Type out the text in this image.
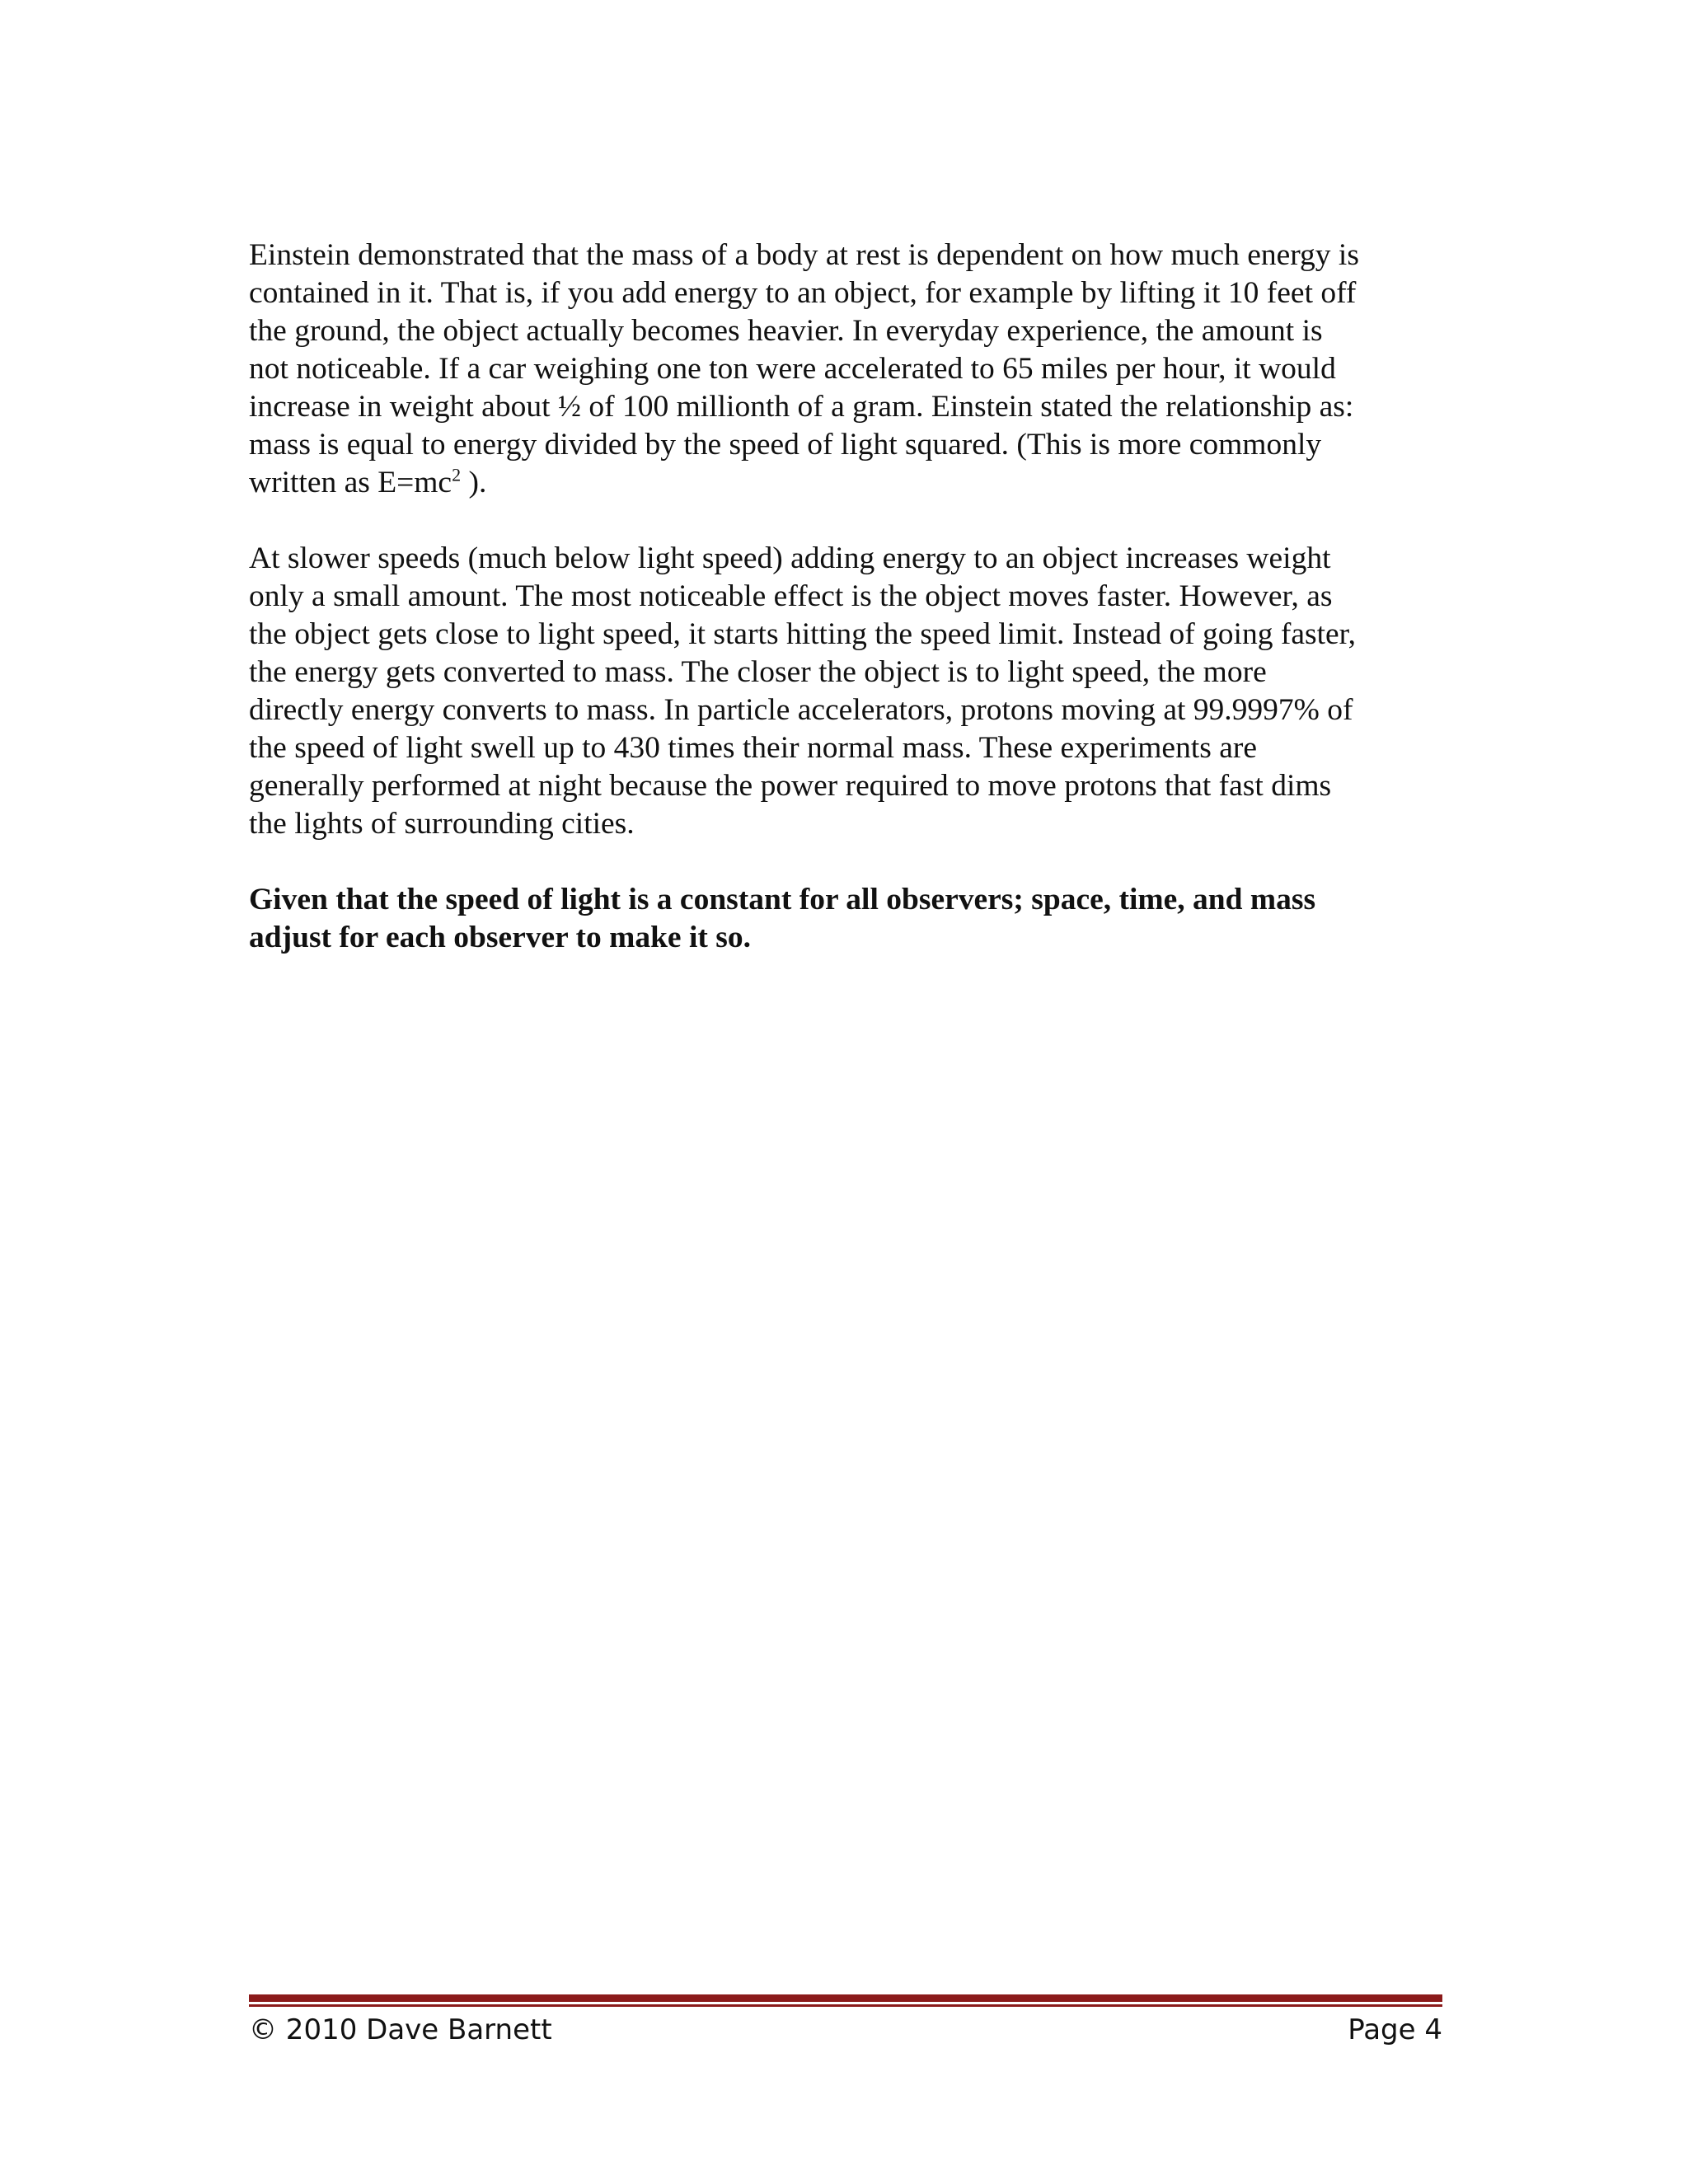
Einstein demonstrated that the mass of a body at rest is dependent on how much energy is
contained in it. That is, if you add energy to an object, for example by lifting it 10 feet off
the ground, the object actually becomes heavier. In everyday experience, the amount is
not noticeable. If a car weighing one ton were accelerated to 65 miles per hour, it would
increase in weight about ½ of 100 millionth of a gram. Einstein stated the relationship as:
mass is equal to energy divided by the speed of light squared. (This is more commonly
written as $E=mc^2$ ).

At slower speeds (much below light speed) adding energy to an object increases weight
only a small amount. The most noticeable effect is the object moves faster. However, as
the object gets close to light speed, it starts hitting the speed limit. Instead of going faster,
the energy gets converted to mass. The closer the object is to light speed, the more
directly energy converts to mass. In particle accelerators, protons moving at 99.9997% of
the speed of light swell up to 430 times their normal mass. These experiments are
generally performed at night because the power required to move protons that fast dims
the lights of surrounding cities.

Given that the speed of light is a constant for all observers; space, time, and mass
adjust for each observer to make it so.

© 2010 Dave Barnett	Page 4
